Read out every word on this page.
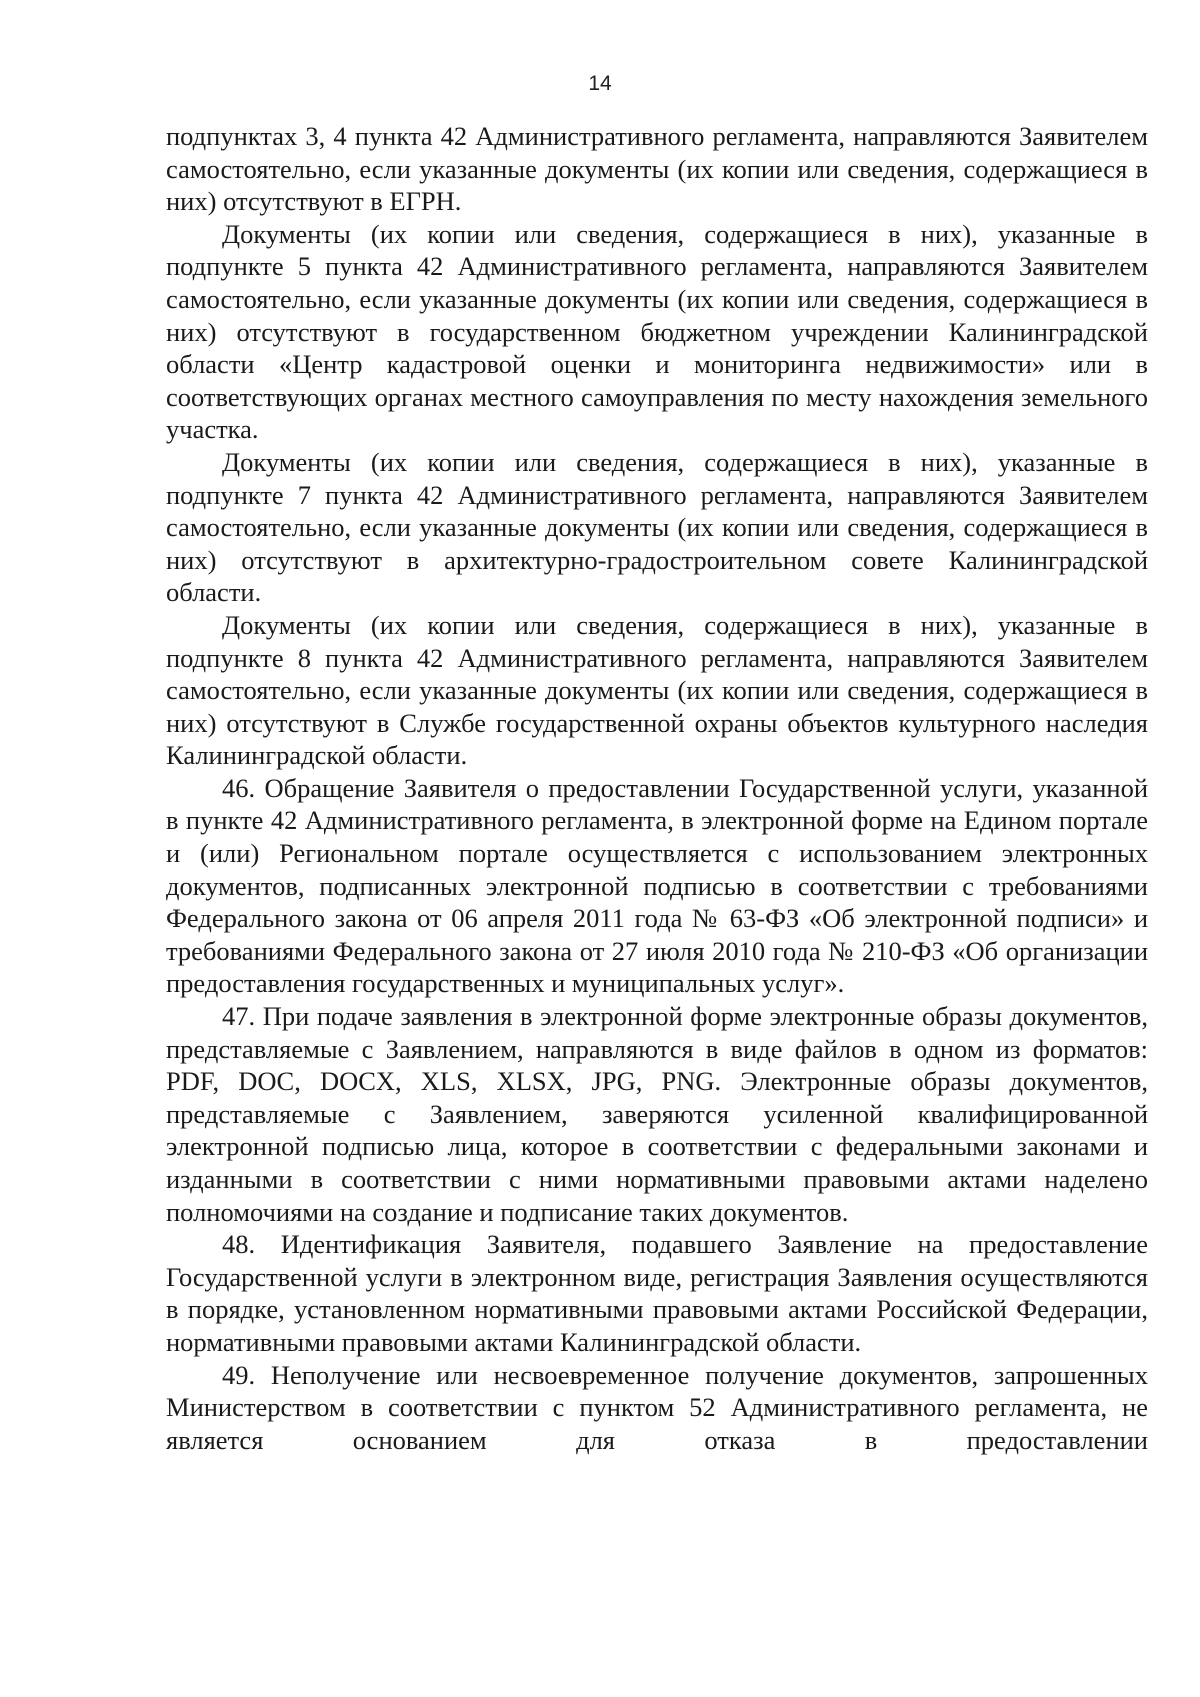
14

подпунктах 3, 4 пункта 42 Административного регламента, направляются Заявителем самостоятельно, если указанные документы (их копии или сведения, содержащиеся в них) отсутствуют в ЕГРН.

Документы (их копии или сведения, содержащиеся в них), указанные в подпункте 5 пункта 42 Административного регламента, направляются Заявителем самостоятельно, если указанные документы (их копии или сведения, содержащиеся в них) отсутствуют в государственном бюджетном учреждении Калининградской области «Центр кадастровой оценки и мониторинга недвижимости» или в соответствующих органах местного самоуправления по месту нахождения земельного участка.

Документы (их копии или сведения, содержащиеся в них), указанные в подпункте 7 пункта 42 Административного регламента, направляются Заявителем самостоятельно, если указанные документы (их копии или сведения, содержащиеся в них) отсутствуют в архитектурно-градостроительном совете Калининградской области.

Документы (их копии или сведения, содержащиеся в них), указанные в подпункте 8 пункта 42 Административного регламента, направляются Заявителем самостоятельно, если указанные документы (их копии или сведения, содержащиеся в них) отсутствуют в Службе государственной охраны объектов культурного наследия Калининградской области.

46. Обращение Заявителя о предоставлении Государственной услуги, указанной в пункте 42 Административного регламента, в электронной форме на Едином портале и (или) Региональном портале осуществляется с использованием электронных документов, подписанных электронной подписью в соответствии с требованиями Федерального закона от 06 апреля 2011 года № 63-ФЗ «Об электронной подписи» и требованиями Федерального закона от 27 июля 2010 года № 210-ФЗ «Об организации предоставления государственных и муниципальных услуг».

47. При подаче заявления в электронной форме электронные образы документов, представляемые с Заявлением, направляются в виде файлов в одном из форматов: PDF, DOC, DOCX, XLS, XLSX, JPG, PNG. Электронные образы документов, представляемые с Заявлением, заверяются усиленной квалифицированной электронной подписью лица, которое в соответствии с федеральными законами и изданными в соответствии с ними нормативными правовыми актами наделено полномочиями на создание и подписание таких документов.

48. Идентификация Заявителя, подавшего Заявление на предоставление Государственной услуги в электронном виде, регистрация Заявления осуществляются в порядке, установленном нормативными правовыми актами Российской Федерации, нормативными правовыми актами Калининградской области.

49. Неполучение или несвоевременное получение документов, запрошенных Министерством в соответствии с пунктом 52 Административного регламента, не является основанием для отказа в предоставлении
